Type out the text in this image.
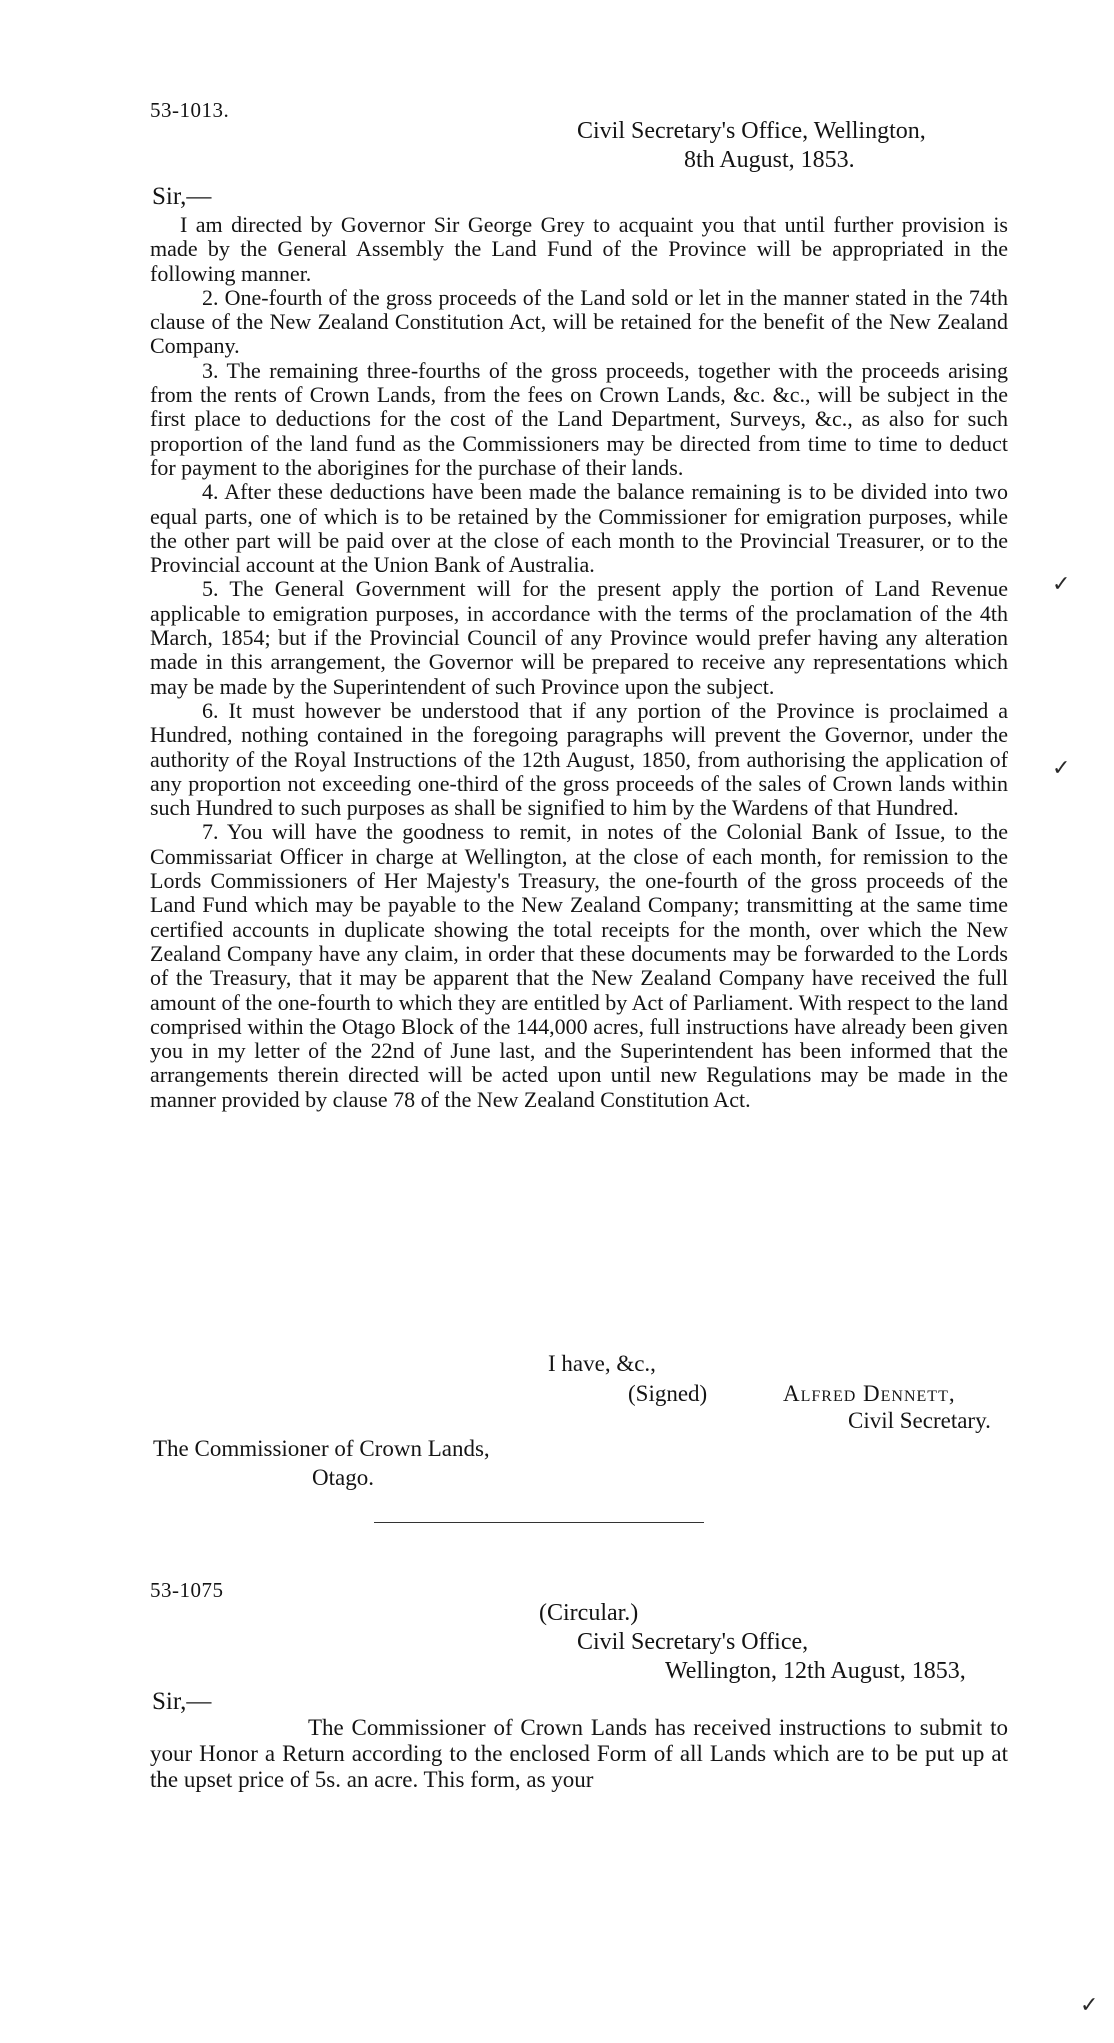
53-1013.
Civil Secretary's Office, Wellington,
8th August, 1853.
Sir,—

I am directed by Governor Sir George Grey to acquaint you that until further provision is made by the General Assembly the Land Fund of the Province will be appropriated in the following manner.

2. One-fourth of the gross proceeds of the Land sold or let in the manner stated in the 74th clause of the New Zealand Constitution Act, will be retained for the benefit of the New Zealand Company.

3. The remaining three-fourths of the gross proceeds, together with the proceeds arising from the rents of Crown Lands, from the fees on Crown Lands, &c. &c., will be subject in the first place to deductions for the cost of the Land Department, Surveys, &c., as also for such proportion of the land fund as the Commissioners may be directed from time to time to deduct for payment to the aborigines for the purchase of their lands.

4. After these deductions have been made the balance remaining is to be divided into two equal parts, one of which is to be retained by the Commissioner for emigration purposes, while the other part will be paid over at the close of each month to the Provincial Treasurer, or to the Provincial account at the Union Bank of Australia.

5. The General Government will for the present apply the portion of Land Revenue applicable to emigration purposes, in accordance with the terms of the proclamation of the 4th March, 1854; but if the Provincial Council of any Province would prefer having any alteration made in this arrangement, the Governor will be prepared to receive any representations which may be made by the Superintendent of such Province upon the subject.

6. It must however be understood that if any portion of the Province is proclaimed a Hundred, nothing contained in the foregoing paragraphs will prevent the Governor, under the authority of the Royal Instructions of the 12th August, 1850, from authorising the application of any proportion not exceeding one-third of the gross proceeds of the sales of Crown lands within such Hundred to such purposes as shall be signified to him by the Wardens of that Hundred.

7. You will have the goodness to remit, in notes of the Colonial Bank of Issue, to the Commissariat Officer in charge at Wellington, at the close of each month, for remission to the Lords Commissioners of Her Majesty's Treasury, the one-fourth of the gross proceeds of the Land Fund which may be payable to the New Zealand Company; transmitting at the same time certified accounts in duplicate showing the total receipts for the month, over which the New Zealand Company have any claim, in order that these documents may be forwarded to the Lords of the Treasury, that it may be apparent that the New Zealand Company have received the full amount of the one-fourth to which they are entitled by Act of Parliament. With respect to the land comprised within the Otago Block of the 144,000 acres, full instructions have already been given you in my letter of the 22nd of June last, and the Superintendent has been informed that the arrangements therein directed will be acted upon until new Regulations may be made in the manner provided by clause 78 of the New Zealand Constitution Act.

I have, &c.,
(Signed)	Alfred Dennett,
Civil Secretary.
The Commissioner of Crown Lands,
Otago.
53-1075
(Circular.)
Civil Secretary's Office,
Wellington, 12th August, 1853,
Sir,—

The Commissioner of Crown Lands has received instructions to submit to your Honor a Return according to the enclosed Form of all Lands which are to be put up at the upset price of 5s. an acre. This form, as your

✓
✓
✓
